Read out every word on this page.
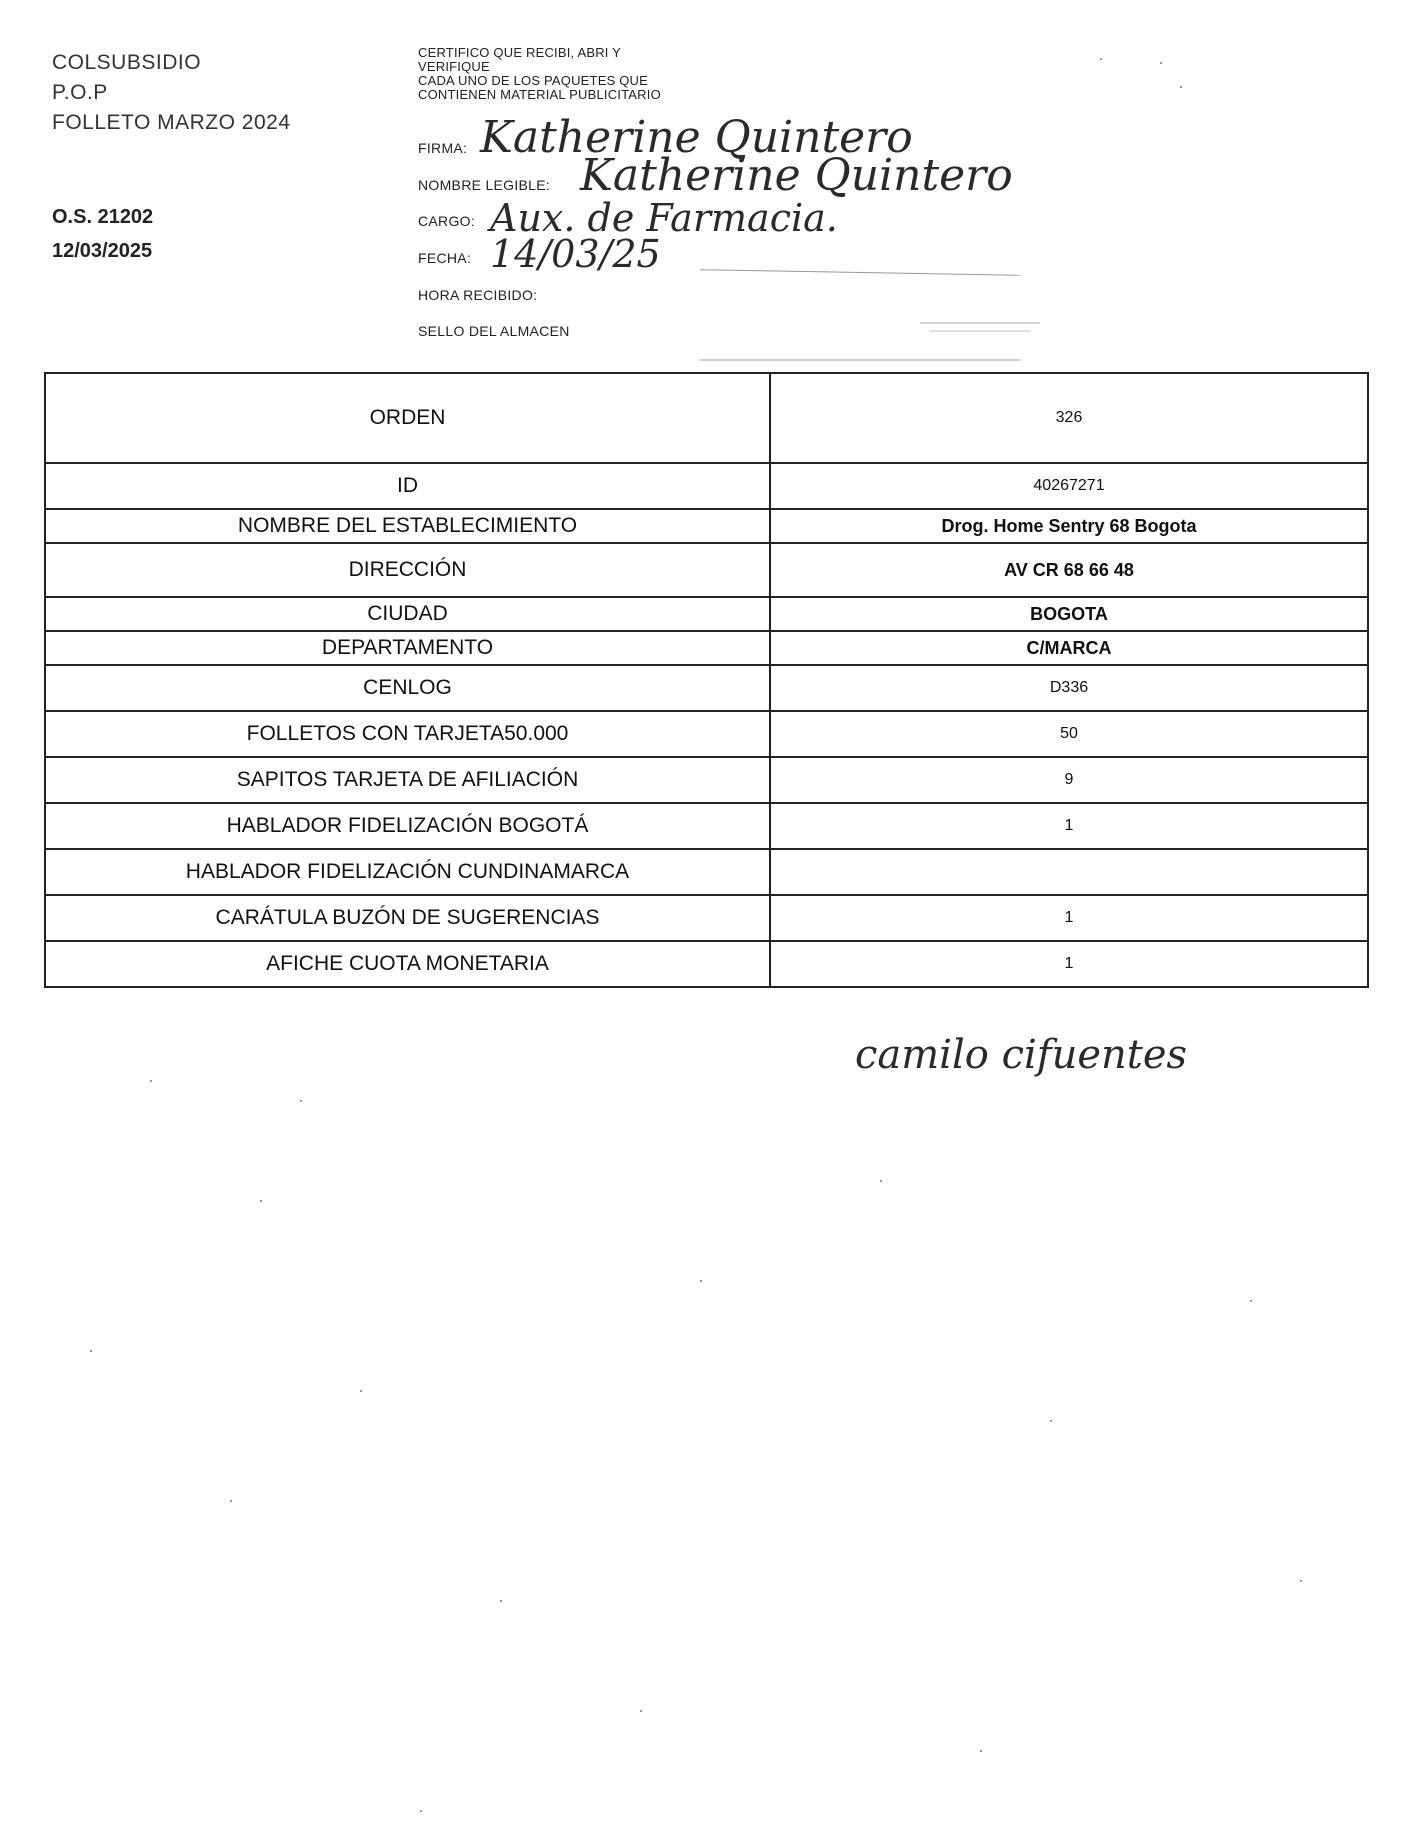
COLSUBSIDIO
P.O.P
FOLLETO MARZO 2024
O.S. 21202
12/03/2025
CERTIFICO QUE RECIBI, ABRI Y
VERIFIQUE
CADA UNO DE LOS PAQUETES QUE
CONTIENEN MATERIAL PUBLICITARIO
FIRMA: Katherine Quintero
NOMBRE LEGIBLE: Katherine Quintero
CARGO: Aux. de Farmacia.
FECHA: 14/03/25
HORA RECIBIDO:
SELLO DEL ALMACEN
ORDEN	326
ID	40267271
NOMBRE DEL ESTABLECIMIENTO	Drog. Home Sentry 68 Bogota
DIRECCIÓN	AV CR 68 66 48
CIUDAD	BOGOTA
DEPARTAMENTO	C/MARCA
CENLOG	D336
FOLLETOS CON TARJETA50.000	50
SAPITOS TARJETA DE AFILIACIÓN	9
HABLADOR FIDELIZACIÓN BOGOTÁ	1
HABLADOR FIDELIZACIÓN CUNDINAMARCA	
CARÁTULA BUZÓN DE SUGERENCIAS	1
AFICHE CUOTA MONETARIA	1
camilo cifuentes
